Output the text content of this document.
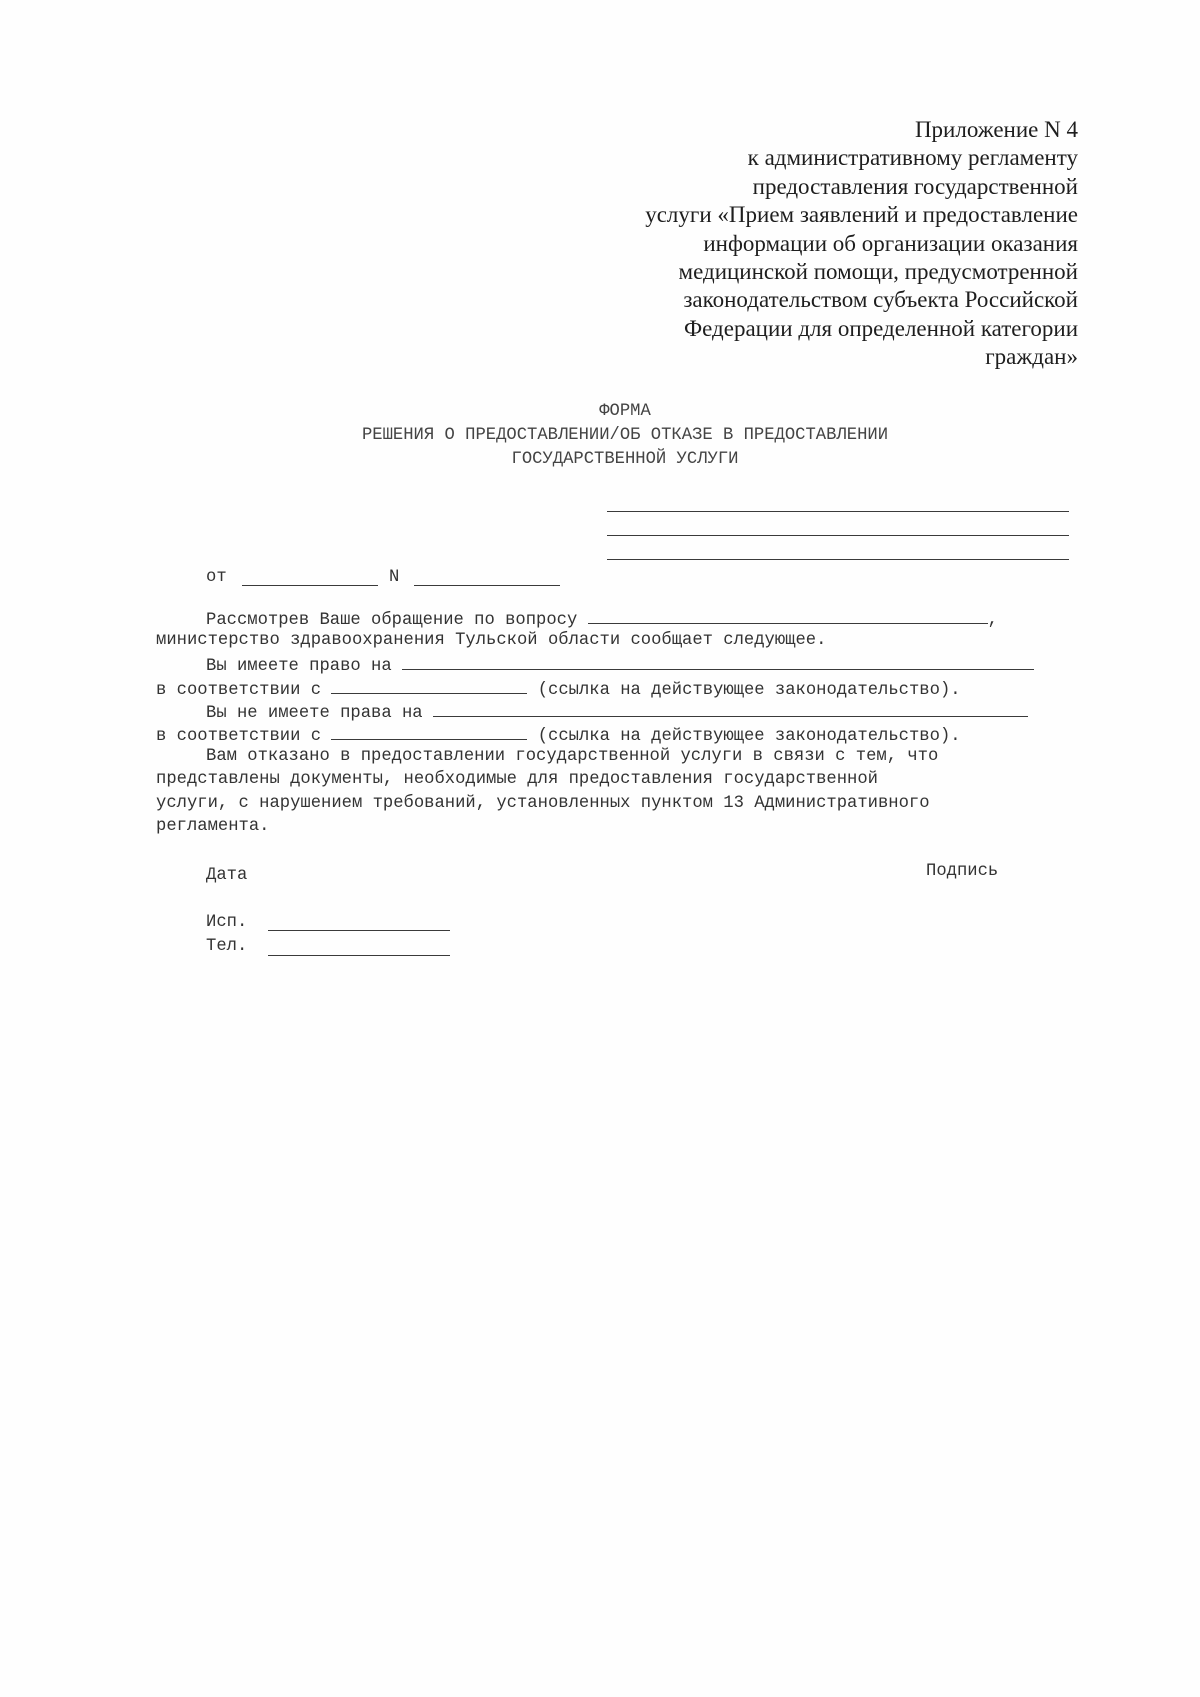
Приложение N 4
к административному регламенту
предоставления государственной
услуги «Прием заявлений и предоставление
информации об организации оказания
медицинской помощи, предусмотренной
законодательством субъекта Российской
Федерации для определенной категории
граждан»
ФОРМА
РЕШЕНИЯ О ПРЕДОСТАВЛЕНИИ/ОБ ОТКАЗЕ В ПРЕДОСТАВЛЕНИИ
ГОСУДАРСТВЕННОЙ УСЛУГИ
от	N
Рассмотрев Ваше обращение по вопросу	,
министерство здравоохранения Тульской области сообщает следующее.
Вы имеете право на
в соответствии с	(ссылка на действующее законодательство).
Вы не имеете права на
в соответствии с	(ссылка на действующее законодательство).
Вам отказано в предоставлении государственной услуги в связи с тем, что
представлены документы, необходимые для предоставления государственной
услуги, с нарушением требований, установленных пунктом 13 Административного
регламента.
Дата	Подпись
Исп.
Тел.
